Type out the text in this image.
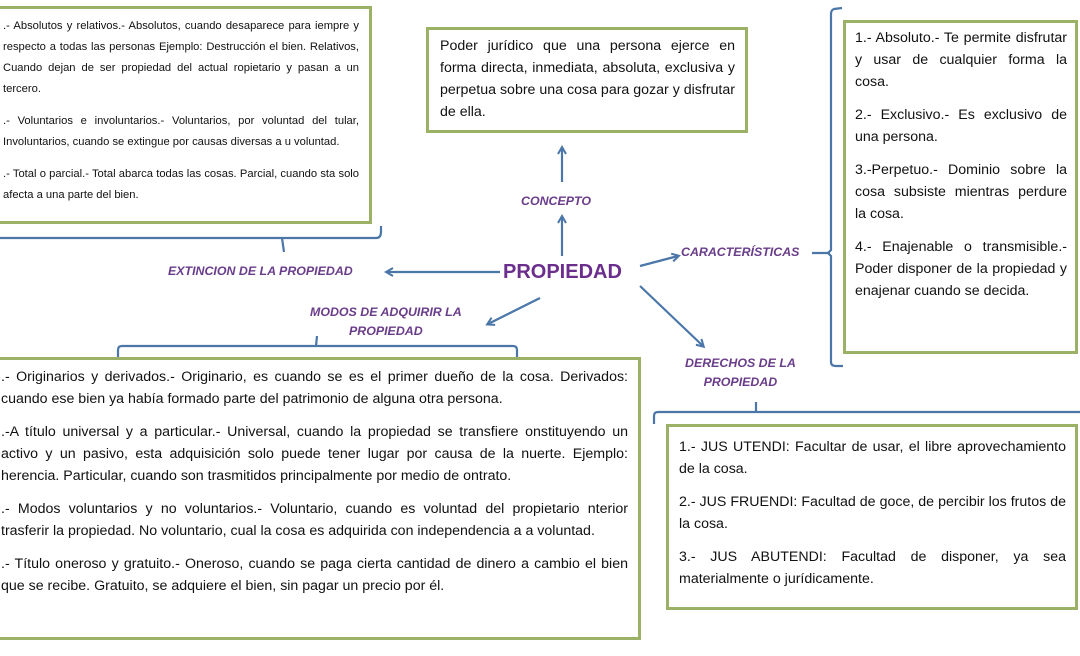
.- Absolutos y relativos.- Absolutos, cuando desaparece para iempre y respecto a todas las personas Ejemplo: Destrucción el bien. Relativos, Cuando dejan de ser propiedad del actual ropietario y pasan a un tercero.

.- Voluntarios e involuntarios.- Voluntarios, por voluntad del tular, Involuntarios, cuando se extingue por causas diversas a u voluntad.

.- Total o parcial.- Total abarca todas las cosas. Parcial, cuando sta solo afecta a una parte del bien.

Poder jurídico que una persona ejerce en forma directa, inmediata, absoluta, exclusiva y perpetua sobre una cosa para gozar y disfrutar de ella.

1.- Absoluto.- Te permite disfrutar y usar de cualquier forma la cosa.

2.- Exclusivo.- Es exclusivo de una persona.

3.-Perpetuo.- Dominio sobre la cosa subsiste mientras perdure la cosa.

4.- Enajenable o transmisible.- Poder disponer de la propiedad y enajenar cuando se decida.

.- Originarios y derivados.- Originario, es cuando se es el primer dueño de la cosa. Derivados: cuando ese bien ya había formado parte del patrimonio de alguna otra persona.

.-A título universal y a particular.- Universal, cuando la propiedad se transfiere onstituyendo un activo y un pasivo, esta adquisición solo puede tener lugar por causa de la nuerte. Ejemplo: herencia. Particular, cuando son trasmitidos principalmente por medio de ontrato.

.- Modos voluntarios y no voluntarios.- Voluntario, cuando es voluntad del propietario nterior trasferir la propiedad. No voluntario, cual la cosa es adquirida con independencia a a voluntad.

.- Título oneroso y gratuito.- Oneroso, cuando se paga cierta cantidad de dinero a cambio el bien que se recibe. Gratuito, se adquiere el bien, sin pagar un precio por él.

1.- JUS UTENDI: Facultar de usar, el libre aprovechamiento de la cosa.

2.- JUS FRUENDI: Facultad de goce, de percibir los frutos de la cosa.

3.- JUS ABUTENDI: Facultad de disponer, ya sea materialmente o jurídicamente.

PROPIEDAD
CONCEPTO
CARACTERÍSTICAS
EXTINCION DE LA PROPIEDAD
MODOS DE ADQUIRIR LA
PROPIEDAD
DERECHOS DE LA
PROPIEDAD
